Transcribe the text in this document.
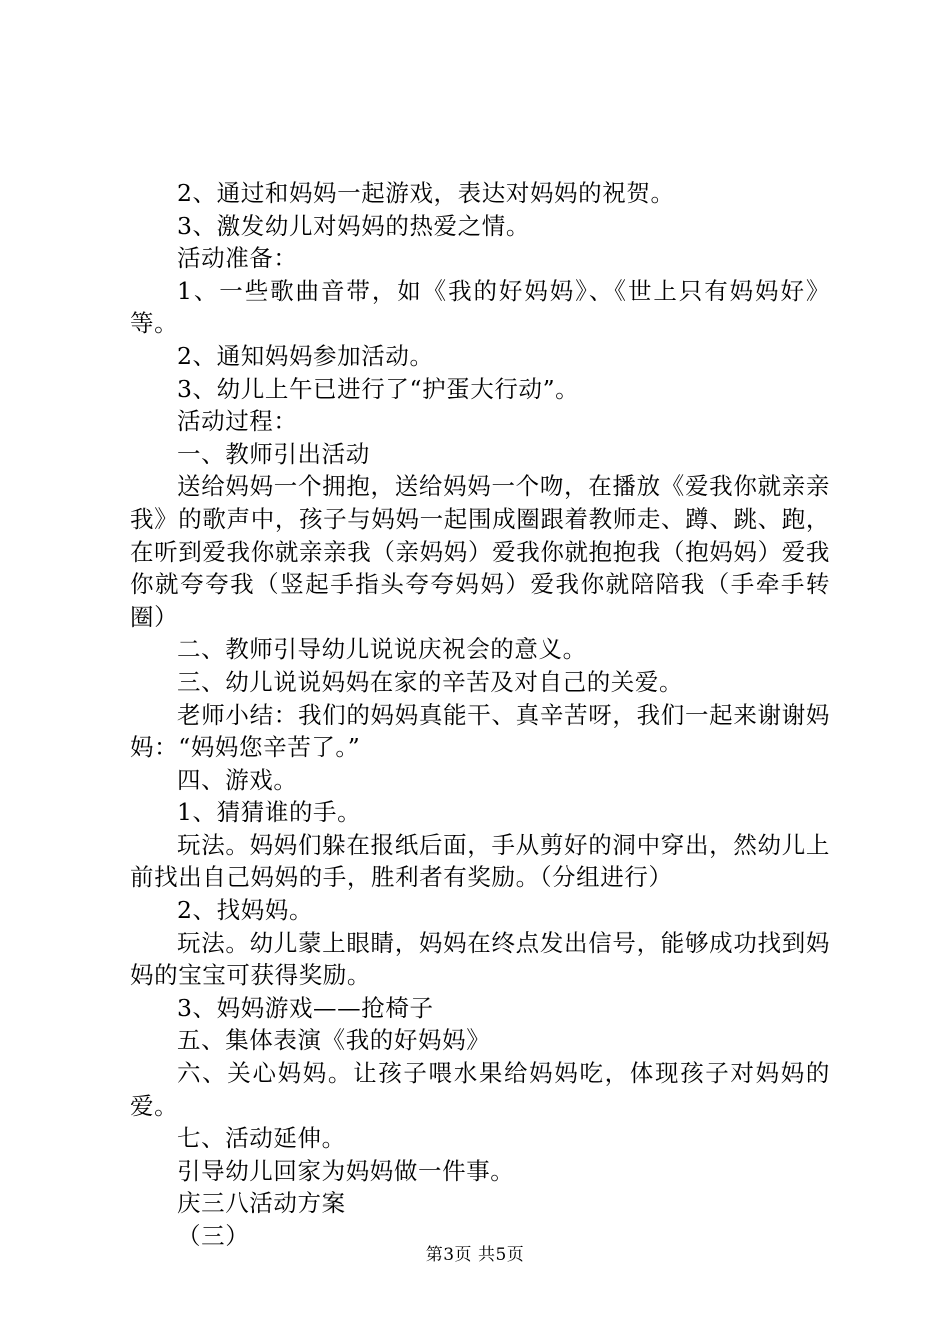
2、通过和妈妈一起游戏，表达对妈妈的祝贺。

3、激发幼儿对妈妈的热爱之情。

活动准备：

1、一些歌曲音带，如《我的好妈妈》、《世上只有妈妈好》等。

2、通知妈妈参加活动。

3、幼儿上午已进行了“护蛋大行动”。

活动过程：

一、教师引出活动

送给妈妈一个拥抱，送给妈妈一个吻，在播放《爱我你就亲亲我》的歌声中，孩子与妈妈一起围成圈跟着教师走、蹲、跳、跑，在听到爱我你就亲亲我（亲妈妈）爱我你就抱抱我（抱妈妈）爱我你就夸夸我（竖起手指头夸夸妈妈）爱我你就陪陪我（手牵手转圈）

二、教师引导幼儿说说庆祝会的意义。

三、幼儿说说妈妈在家的辛苦及对自己的关爱。

老师小结：我们的妈妈真能干、真辛苦呀，我们一起来谢谢妈妈：“妈妈您辛苦了。”

四、游戏。

1、猜猜谁的手。

玩法。妈妈们躲在报纸后面，手从剪好的洞中穿出，然幼儿上前找出自己妈妈的手，胜利者有奖励。（分组进行）

2、找妈妈。

玩法。幼儿蒙上眼睛，妈妈在终点发出信号，能够成功找到妈妈的宝宝可获得奖励。

3、妈妈游戏——抢椅子

五、集体表演《我的好妈妈》

六、关心妈妈。让孩子喂水果给妈妈吃，体现孩子对妈妈的爱。

七、活动延伸。

引导幼儿回家为妈妈做一件事。

庆三八活动方案

（三）

第3页 共5页
